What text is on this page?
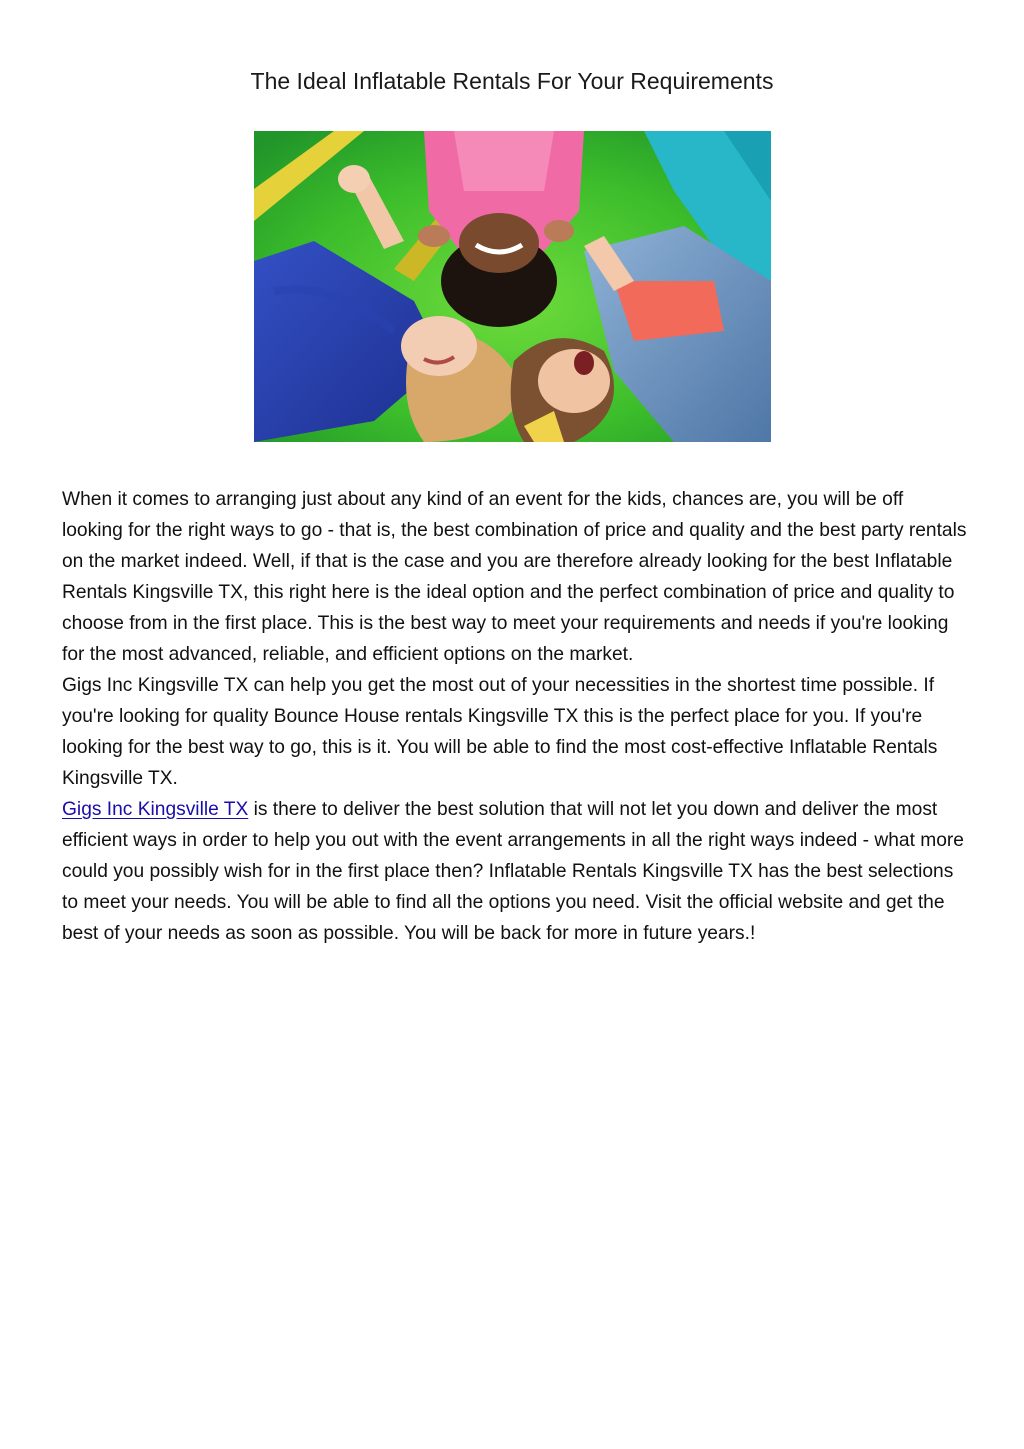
The Ideal Inflatable Rentals For Your Requirements

When it comes to arranging just about any kind of an event for the kids, chances are, you will be off looking for the right ways to go - that is, the best combination of price and quality and the best party rentals on the market indeed. Well, if that is the case and you are therefore already looking for the best Inflatable Rentals Kingsville TX, this right here is the ideal option and the perfect combination of price and quality to choose from in the first place. This is the best way to meet your requirements and needs if you're looking for the most advanced, reliable, and efficient options on the market.

Gigs Inc Kingsville TX can help you get the most out of your necessities in the shortest time possible. If you're looking for quality Bounce House rentals Kingsville TX this is the perfect place for you. If you're looking for the best way to go, this is it. You will be able to find the most cost-effective Inflatable Rentals Kingsville TX.

Gigs Inc Kingsville TX is there to deliver the best solution that will not let you down and deliver the most efficient ways in order to help you out with the event arrangements in all the right ways indeed - what more could you possibly wish for in the first place then? Inflatable Rentals Kingsville TX has the best selections to meet your needs. You will be able to find all the options you need. Visit the official website and get the best of your needs as soon as possible. You will be back for more in future years.!
